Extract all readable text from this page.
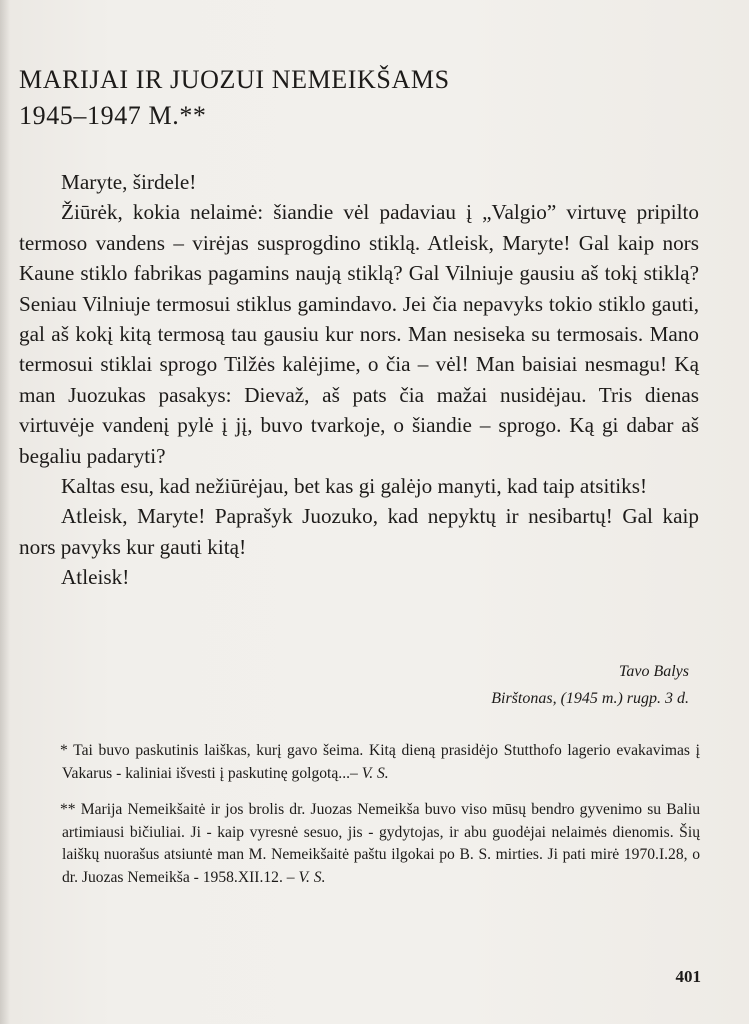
MARIJAI IR JUOZUI NEMEIKŠAMS
1945–1947 M.**

Maryte, širdele!

Žiūrėk, kokia nelaimė: šiandie vėl padaviau į „Valgio” virtuvę pripilto termoso vandens – virėjas susprogdino stiklą. Atleisk, Maryte! Gal kaip nors Kaune stiklo fabrikas pagamins naują stiklą? Gal Vilniuje gausiu aš tokį stiklą? Seniau Vilniuje termosui stiklus gamindavo. Jei čia nepavyks tokio stiklo gauti, gal aš kokį kitą termosą tau gausiu kur nors. Man nesiseka su termosais. Mano termosui stiklai sprogo Tilžės kalėjime, o čia – vėl! Man baisiai nesmagu! Ką man Juozukas pasakys: Dievaž, aš pats čia mažai nusidėjau. Tris dienas virtuvėje vandenį pylė į jį, buvo tvarkoje, o šiandie – sprogo. Ką gi dabar aš begaliu padaryti?

Kaltas esu, kad nežiūrėjau, bet kas gi galėjo manyti, kad taip atsitiks!

Atleisk, Maryte! Paprašyk Juozuko, kad nepyktų ir nesibartų! Gal kaip nors pavyks kur gauti kitą!

Atleisk!

Tavo Balys
Birštonas, (1945 m.) rugp. 3 d.

* Tai buvo paskutinis laiškas, kurį gavo šeima. Kitą dieną prasidėjo Stutthofo lagerio evakavimas į Vakarus - kaliniai išvesti į paskutinę golgotą...– V. S.

** Marija Nemeikšaitė ir jos brolis dr. Juozas Nemeikša buvo viso mūsų bendro gyvenimo su Baliu artimiausi bičiuliai. Ji - kaip vyresnė sesuo, jis - gydytojas, ir abu guodėjai nelaimės dienomis. Šių laiškų nuorašus atsiuntė man M. Nemeikšaitė paštu ilgokai po B. S. mirties. Ji pati mirė 1970.I.28, o dr. Juozas Nemeikša - 1958.XII.12. – V. S.

401
